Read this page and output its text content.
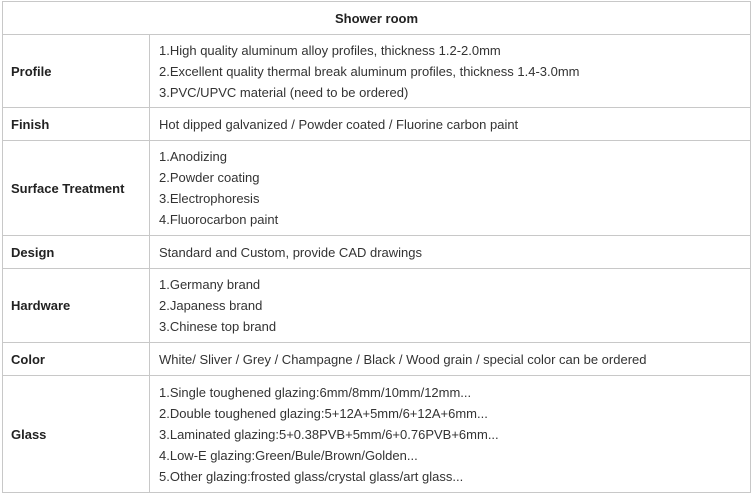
Shower room	
Profile	1.High quality aluminum alloy profiles, thickness 1.2-2.0mm
2.Excellent quality thermal break aluminum profiles, thickness 1.4-3.0mm
3.PVC/UPVC material (need to be ordered)

Finish	Hot dipped galvanized / Powder coated / Fluorine carbon paint

Surface Treatment	1.Anodizing
2.Powder coating
3.Electrophoresis
4.Fluorocarbon paint

Design	Standard and Custom, provide CAD drawings

Hardware	1.Germany brand
2.Japaness brand
3.Chinese top brand

Color	White/ Sliver / Grey / Champagne / Black / Wood grain / special color can be ordered

Glass	1.Single toughened glazing:6mm/8mm/10mm/12mm...
2.Double toughened glazing:5+12A+5mm/6+12A+6mm...
3.Laminated glazing:5+0.38PVB+5mm/6+0.76PVB+6mm...
4.Low-E glazing:Green/Bule/Brown/Golden...
5.Other glazing:frosted glass/crystal glass/art glass...
